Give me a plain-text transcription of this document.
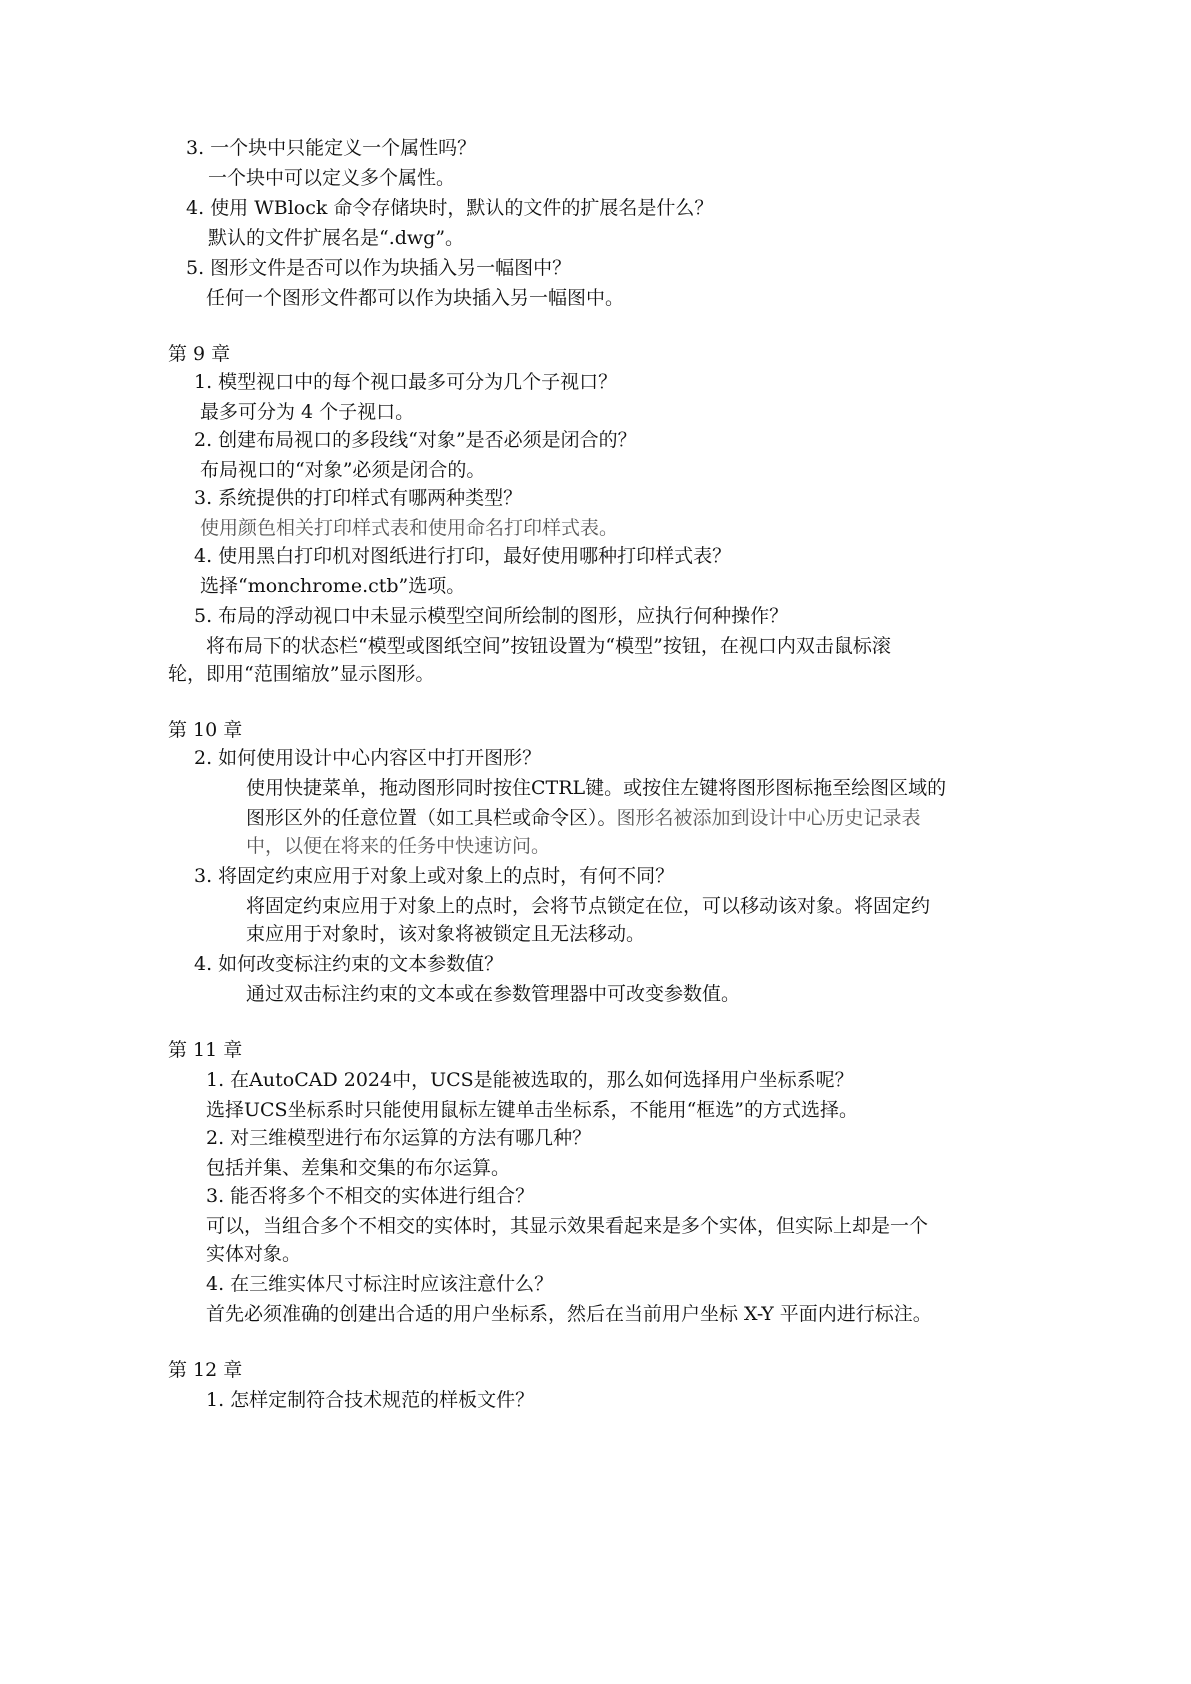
3. 一个块中只能定义一个属性吗？
一个块中可以定义多个属性。
4. 使用 WBlock 命令存储块时，默认的文件的扩展名是什么？
默认的文件扩展名是“.dwg”。
5. 图形文件是否可以作为块插入另一幅图中？
任何一个图形文件都可以作为块插入另一幅图中。
第 9 章
1. 模型视口中的每个视口最多可分为几个子视口？
最多可分为 4 个子视口。
2. 创建布局视口的多段线“对象”是否必须是闭合的？
布局视口的“对象”必须是闭合的。
3. 系统提供的打印样式有哪两种类型？
使用颜色相关打印样式表和使用命名打印样式表。
4. 使用黑白打印机对图纸进行打印，最好使用哪种打印样式表？
选择“monchrome.ctb”选项。
5. 布局的浮动视口中未显示模型空间所绘制的图形，应执行何种操作？
将布局下的状态栏“模型或图纸空间”按钮设置为“模型”按钮，在视口内双击鼠标滚
轮，即用“范围缩放”显示图形。
第 10 章
2. 如何使用设计中心内容区中打开图形？
使用快捷菜单，拖动图形同时按住CTRL键。或按住左键将图形图标拖至绘图区域的
图形区外的任意位置（如工具栏或命令区）。图形名被添加到设计中心历史记录表
中，以便在将来的任务中快速访问。
3. 将固定约束应用于对象上或对象上的点时，有何不同？
将固定约束应用于对象上的点时，会将节点锁定在位，可以移动该对象。将固定约
束应用于对象时，该对象将被锁定且无法移动。
4. 如何改变标注约束的文本参数值？
通过双击标注约束的文本或在参数管理器中可改变参数值。
第 11 章
1. 在AutoCAD 2024中，UCS是能被选取的，那么如何选择用户坐标系呢？
选择UCS坐标系时只能使用鼠标左键单击坐标系，不能用“框选”的方式选择。
2. 对三维模型进行布尔运算的方法有哪几种？
包括并集、差集和交集的布尔运算。
3. 能否将多个不相交的实体进行组合？
可以，当组合多个不相交的实体时，其显示效果看起来是多个实体，但实际上却是一个
实体对象。
4. 在三维实体尺寸标注时应该注意什么？
首先必须准确的创建出合适的用户坐标系，然后在当前用户坐标 X-Y 平面内进行标注。
第 12 章
1. 怎样定制符合技术规范的样板文件？
